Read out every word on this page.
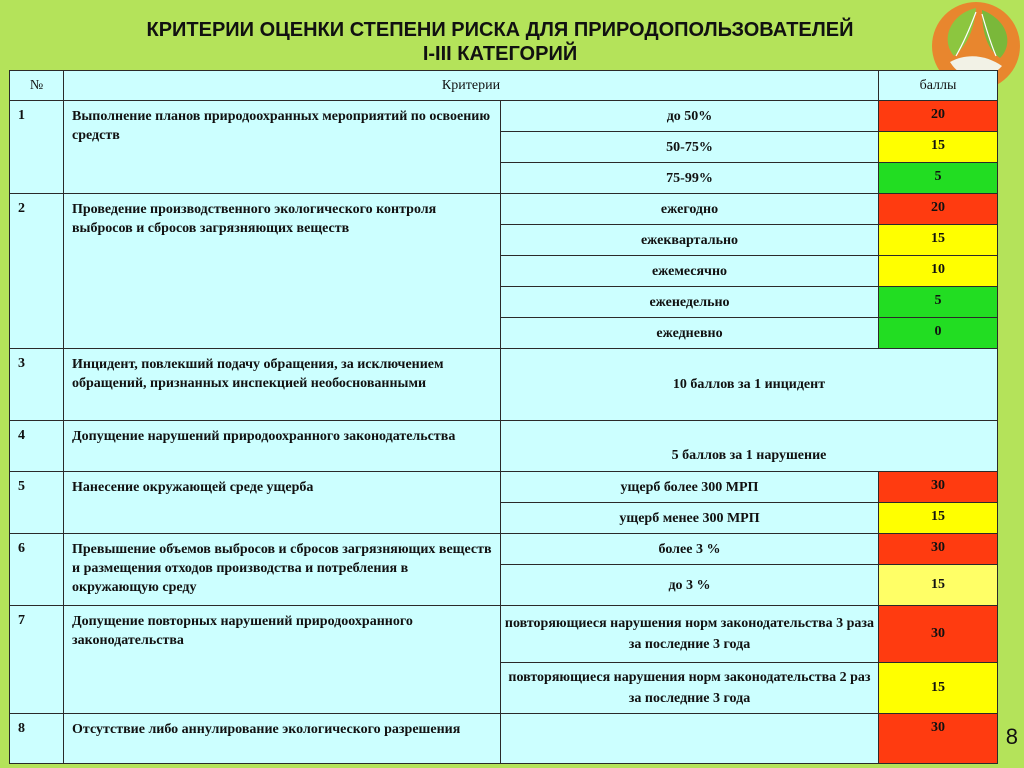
КРИТЕРИИ ОЦЕНКИ СТЕПЕНИ РИСКА ДЛЯ ПРИРОДОПОЛЬЗОВАТЕЛЕЙ
I-III КАТЕГОРИЙ
№	Критерии		баллы
1	Выполнение планов природоохранных мероприятий по освоению средств	до 50%	20
		50-75%	15
		75-99%	5
2	Проведение производственного экологического контроля выбросов и сбросов загрязняющих веществ	ежегодно	20
		ежеквартально	15
		ежемесячно	10
		еженедельно	5
		ежедневно	0
3	Инцидент, повлекший подачу обращения, за исключением обращений, признанных инспекцией необоснованными	10 баллов за 1 инцидент	
4	Допущение нарушений природоохранного законодательства	5 баллов за 1 нарушение	
5	Нанесение окружающей среде ущерба	ущерб более 300 МРП	30
		ущерб менее 300 МРП	15
6	Превышение объемов выбросов и сбросов загрязняющих веществ и размещения отходов производства и потребления в окружающую среду	более 3 %	30
		до 3 %	15
7	Допущение повторных нарушений природоохранного законодательства	повторяющиеся нарушения норм законодательства 3 раза за последние 3 года	30
		повторяющиеся нарушения норм законодательства 2 раз за последние 3 года	15
8	Отсутствие либо аннулирование экологического разрешения		30	8
